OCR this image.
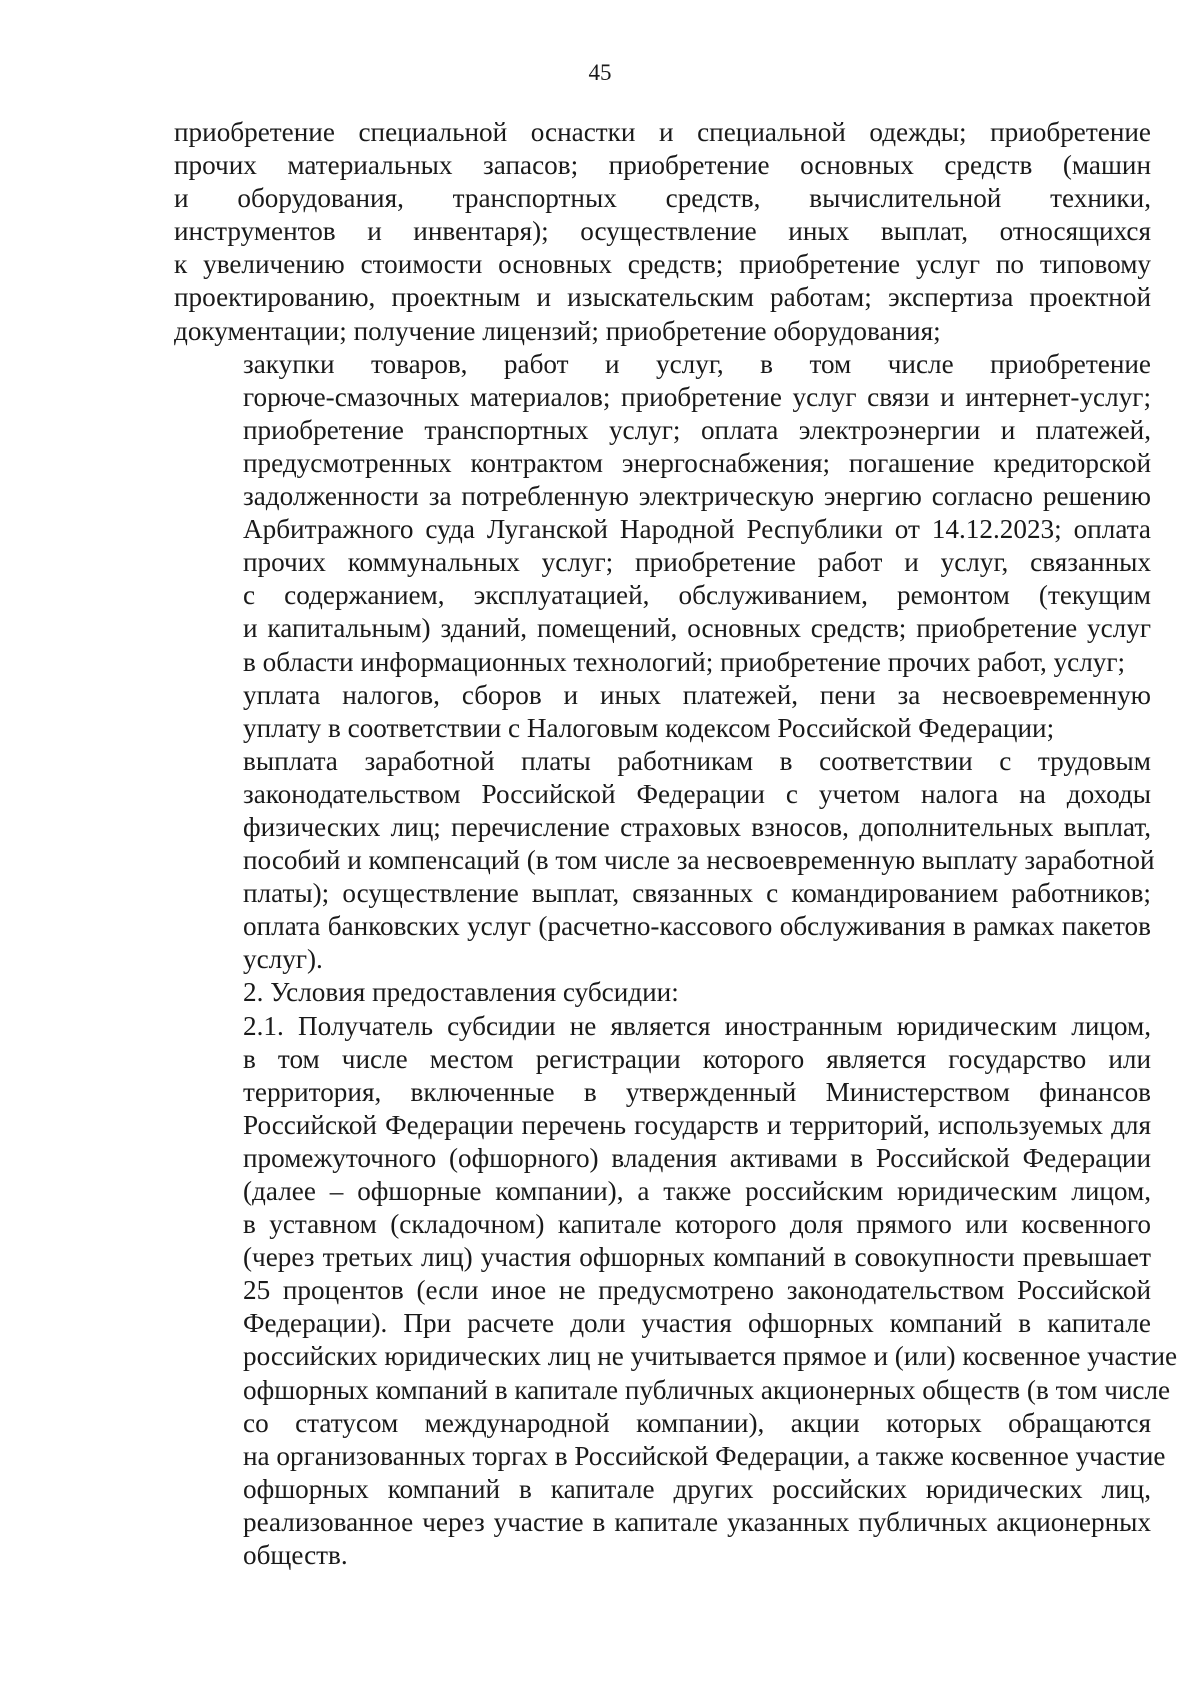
45

приобретение специальной оснастки и специальной одежды; приобретение
прочих материальных запасов; приобретение основных средств (машин
и оборудования, транспортных средств, вычислительной техники,
инструментов и инвентаря); осуществление иных выплат, относящихся
к увеличению стоимости основных средств; приобретение услуг по типовому
проектированию, проектным и изыскательским работам; экспертиза проектной
документации; получение лицензий; приобретение оборудования;

закупки товаров, работ и услуг, в том числе приобретение
горюче-смазочных материалов; приобретение услуг связи и интернет-услуг;
приобретение транспортных услуг; оплата электроэнергии и платежей,
предусмотренных контрактом энергоснабжения; погашение кредиторской
задолженности за потребленную электрическую энергию согласно решению
Арбитражного суда Луганской Народной Республики от 14.12.2023; оплата
прочих коммунальных услуг; приобретение работ и услуг, связанных
с содержанием, эксплуатацией, обслуживанием, ремонтом (текущим
и капитальным) зданий, помещений, основных средств; приобретение услуг
в области информационных технологий; приобретение прочих работ, услуг;

уплата налогов, сборов и иных платежей, пени за несвоевременную
уплату в соответствии с Налоговым кодексом Российской Федерации;

выплата заработной платы работникам в соответствии с трудовым
законодательством Российской Федерации с учетом налога на доходы
физических лиц; перечисление страховых взносов, дополнительных выплат,
пособий и компенсаций (в том числе за несвоевременную выплату заработной
платы); осуществление выплат, связанных с командированием работников;
оплата банковских услуг (расчетно-кассового обслуживания в рамках пакетов
услуг).

2. Условия предоставления субсидии:

2.1. Получатель субсидии не является иностранным юридическим лицом,
в том числе местом регистрации которого является государство или
территория, включенные в утвержденный Министерством финансов
Российской Федерации перечень государств и территорий, используемых для
промежуточного (офшорного) владения активами в Российской Федерации
(далее – офшорные компании), а также российским юридическим лицом,
в уставном (складочном) капитале которого доля прямого или косвенного
(через третьих лиц) участия офшорных компаний в совокупности превышает
25 процентов (если иное не предусмотрено законодательством Российской
Федерации). При расчете доли участия офшорных компаний в капитале
российских юридических лиц не учитывается прямое и (или) косвенное участие
офшорных компаний в капитале публичных акционерных обществ (в том числе
со статусом международной компании), акции которых обращаются
на организованных торгах в Российской Федерации, а также косвенное участие
офшорных компаний в капитале других российских юридических лиц,
реализованное через участие в капитале указанных публичных акционерных
обществ.
